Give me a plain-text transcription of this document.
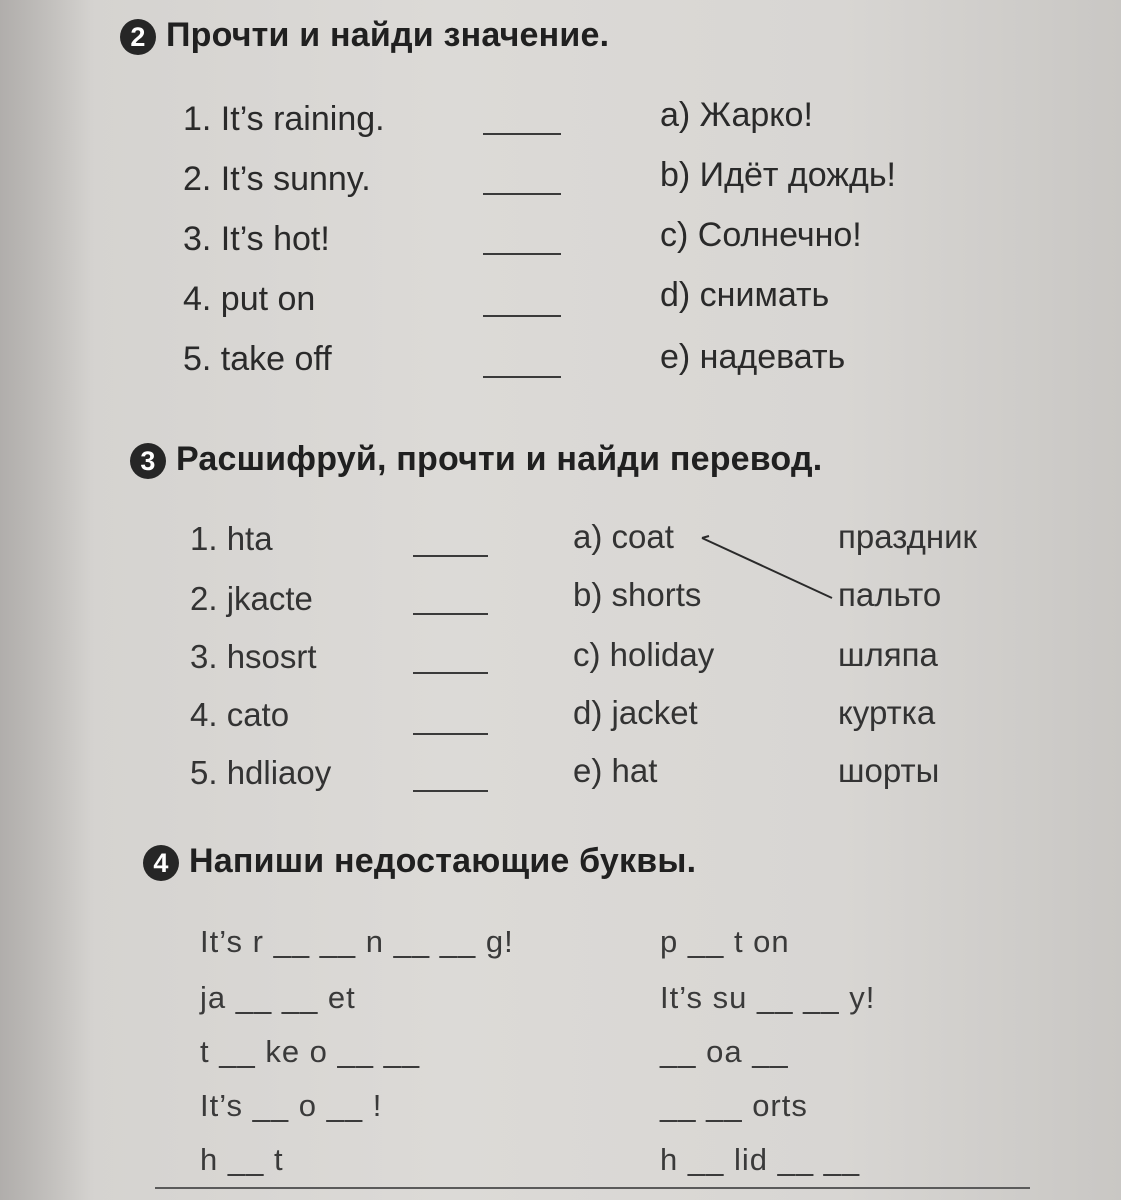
2 Прочти и найди значение.
1. It’s raining.
2. It’s sunny.
3. It’s hot!
4. put on
5. take off
a) Жарко!
b) Идёт дождь!
c) Солнечно!
d) снимать
e) надевать
3 Расшифруй, прочти и найди перевод.
1. hta
2. jkacte
3. hsosrt
4. cato
5. hdliaoy
a) coat
b) shorts
c) holiday
d) jacket
e) hat
праздник
пальто
шляпа
куртка
шорты
4 Напиши недостающие буквы.
It’s r __ __ n __ __ g!
ja __ __ et
t __ ke o __ __
It’s __ o __ !
h __ t
p __ t on
It’s su __ __ y!
__ oa __
__ __ orts
h __ lid __ __
